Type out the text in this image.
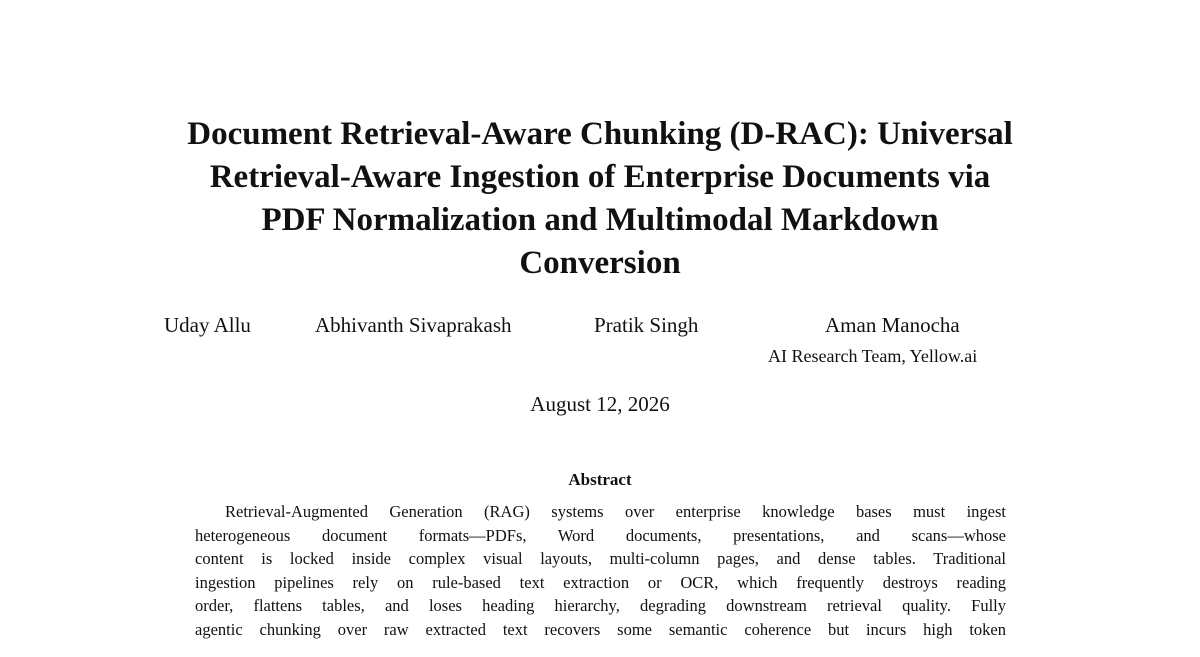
Document Retrieval-Aware Chunking (D-RAC): Universal
Retrieval-Aware Ingestion of Enterprise Documents via
PDF Normalization and Multimodal Markdown
Conversion
Uday Allu	Abhivanth Sivaprakash	Pratik Singh	Aman Manocha
AI Research Team, Yellow.ai
August 12, 2026
Abstract
Retrieval-Augmented Generation (RAG) systems over enterprise knowledge bases must ingest
heterogeneous document formats—PDFs, Word documents, presentations, and scans—whose
content is locked inside complex visual layouts, multi-column pages, and dense tables. Traditional
ingestion pipelines rely on rule-based text extraction or OCR, which frequently destroys reading
order, flattens tables, and loses heading hierarchy, degrading downstream retrieval quality. Fully
agentic chunking over raw extracted text recovers some semantic coherence but incurs high token
